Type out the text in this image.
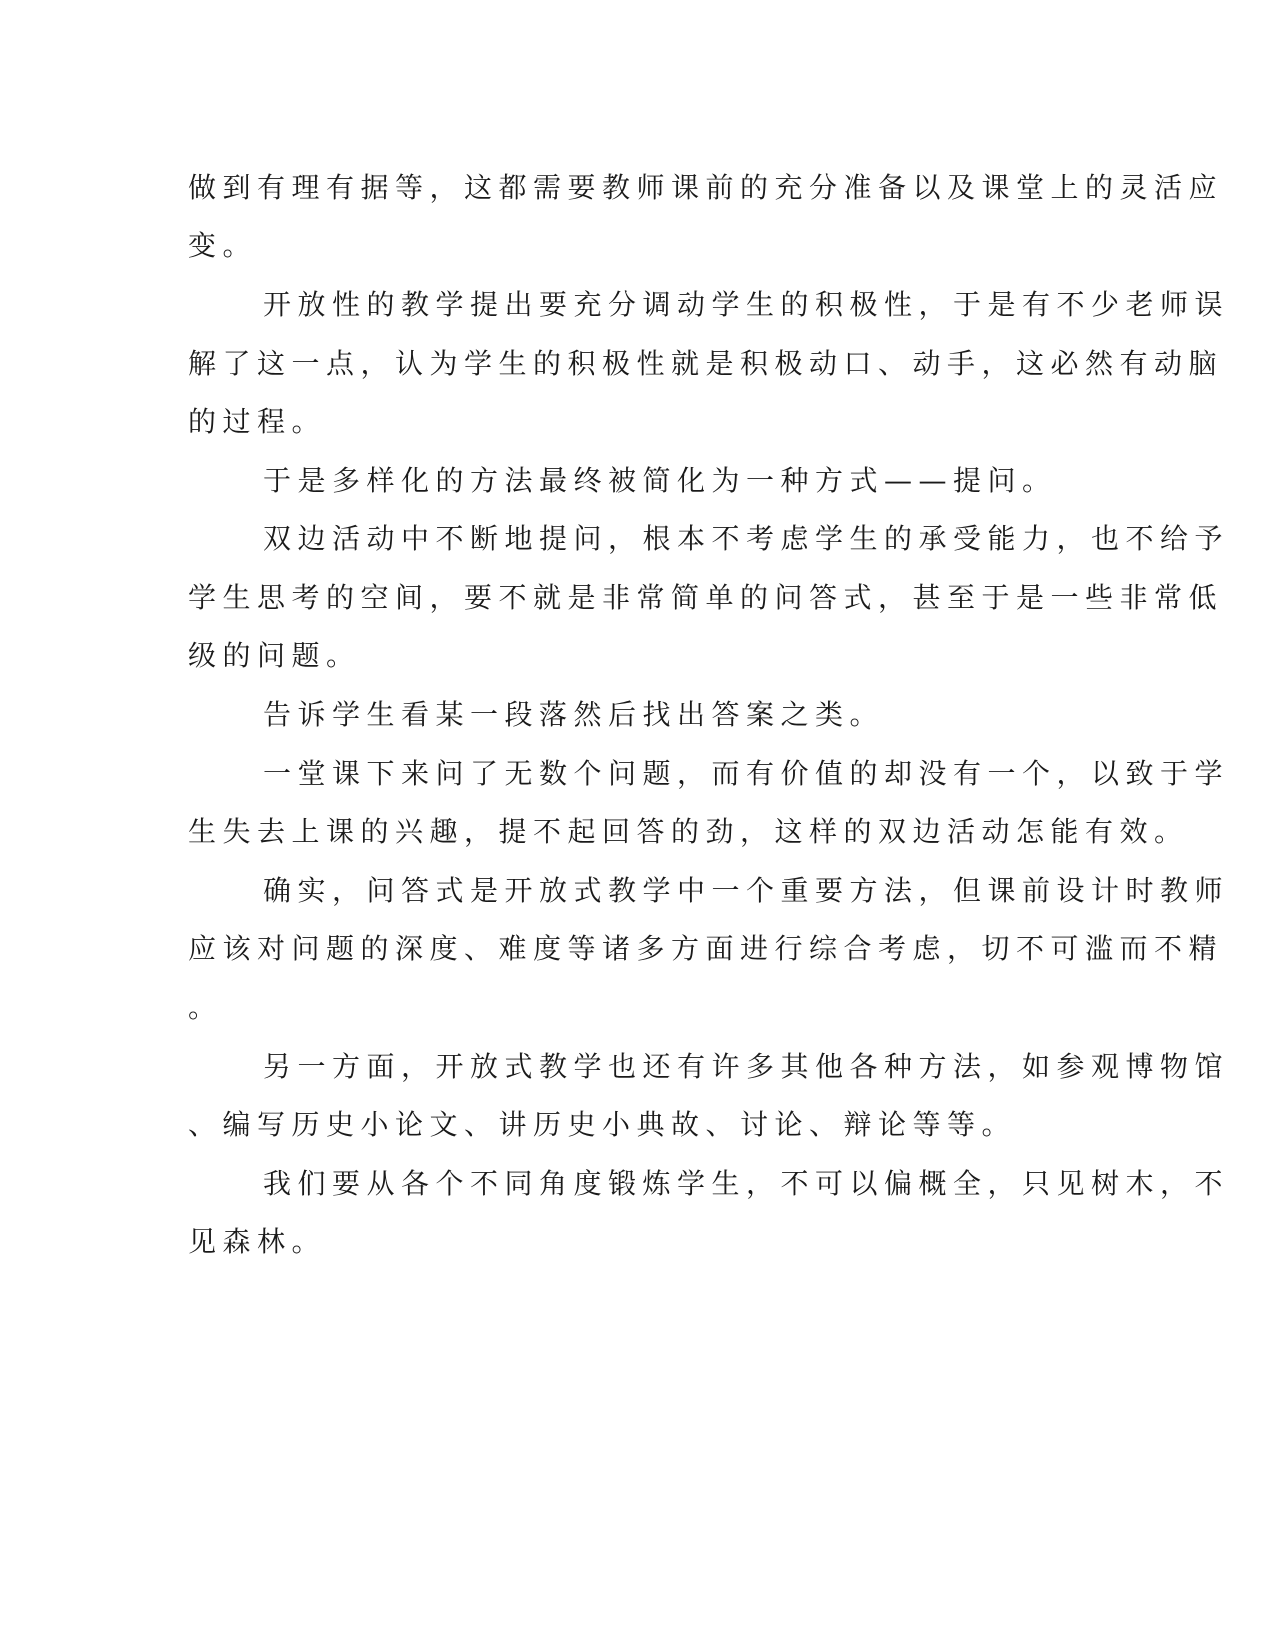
做到有理有据等，这都需要教师课前的充分准备以及课堂上的灵活应
变。
开放性的教学提出要充分调动学生的积极性，于是有不少老师误
解了这一点，认为学生的积极性就是积极动口、动手，这必然有动脑
的过程。
于是多样化的方法最终被简化为一种方式——提问。
双边活动中不断地提问，根本不考虑学生的承受能力，也不给予
学生思考的空间，要不就是非常简单的问答式，甚至于是一些非常低
级的问题。
告诉学生看某一段落然后找出答案之类。
一堂课下来问了无数个问题，而有价值的却没有一个，以致于学
生失去上课的兴趣，提不起回答的劲，这样的双边活动怎能有效。
确实，问答式是开放式教学中一个重要方法，但课前设计时教师
应该对问题的深度、难度等诸多方面进行综合考虑，切不可滥而不精
。
另一方面，开放式教学也还有许多其他各种方法，如参观博物馆
、编写历史小论文、讲历史小典故、讨论、辩论等等。
我们要从各个不同角度锻炼学生，不可以偏概全，只见树木，不
见森林。
